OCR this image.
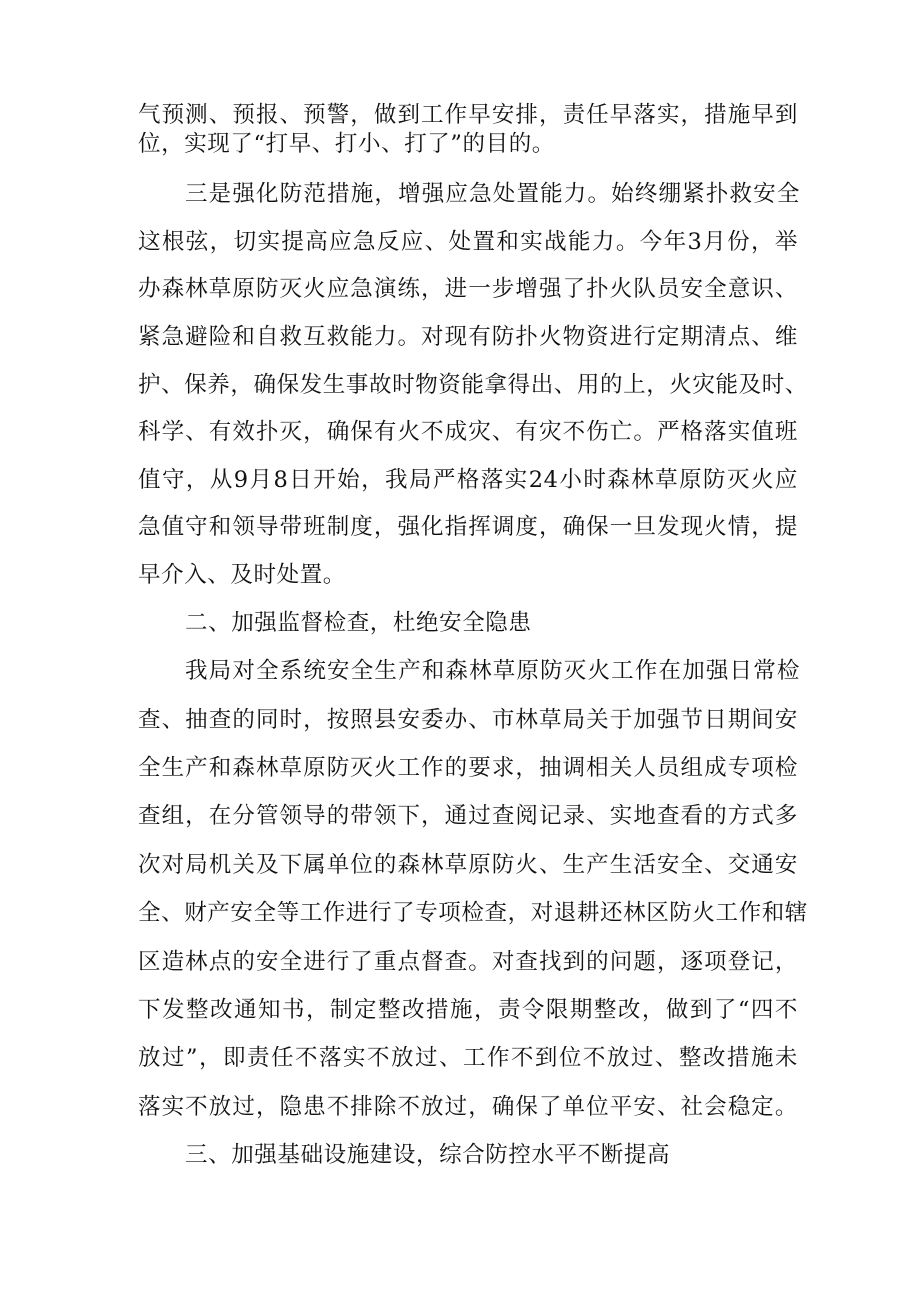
气预测、预报、预警，做到工作早安排，责任早落实，措施早到
位，实现了“打早、打小、打了”的目的。
三是强化防范措施，增强应急处置能力。始终绷紧扑救安全
这根弦，切实提高应急反应、处置和实战能力。今年3月份，举
办森林草原防灭火应急演练，进一步增强了扑火队员安全意识、
紧急避险和自救互救能力。对现有防扑火物资进行定期清点、维
护、保养，确保发生事故时物资能拿得出、用的上，火灾能及时、
科学、有效扑灭，确保有火不成灾、有灾不伤亡。严格落实值班
值守，从9月8日开始，我局严格落实24小时森林草原防灭火应
急值守和领导带班制度，强化指挥调度，确保一旦发现火情，提
早介入、及时处置。
二、加强监督检查，杜绝安全隐患
我局对全系统安全生产和森林草原防灭火工作在加强日常检
查、抽查的同时，按照县安委办、市林草局关于加强节日期间安
全生产和森林草原防灭火工作的要求，抽调相关人员组成专项检
查组，在分管领导的带领下，通过查阅记录、实地查看的方式多
次对局机关及下属单位的森林草原防火、生产生活安全、交通安
全、财产安全等工作进行了专项检查，对退耕还林区防火工作和辖
区造林点的安全进行了重点督查。对查找到的问题，逐项登记，
下发整改通知书，制定整改措施，责令限期整改，做到了“四不
放过”，即责任不落实不放过、工作不到位不放过、整改措施未
落实不放过，隐患不排除不放过，确保了单位平安、社会稳定。
三、加强基础设施建设，综合防控水平不断提高
